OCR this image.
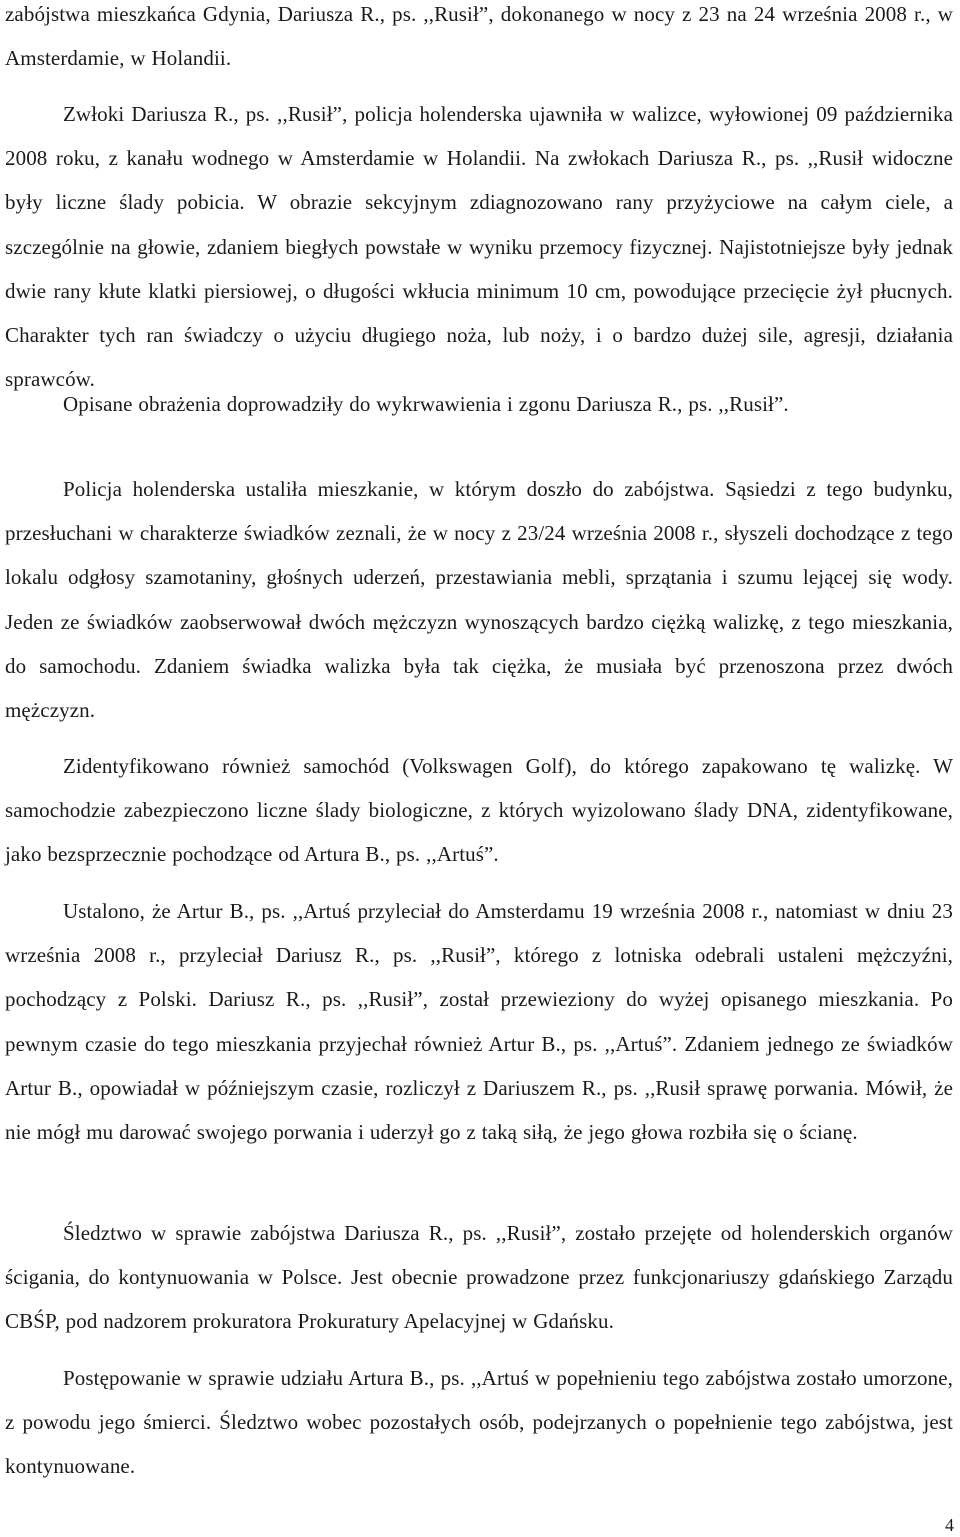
zabójstwa mieszkańca Gdynia, Dariusza R., ps. ,,Rusił”, dokonanego w nocy z 23 na 24 września 2008 r., w Amsterdamie, w Holandii.

Zwłoki Dariusza R., ps. ,,Rusił”, policja holenderska ujawniła w walizce, wyłowionej 09 października 2008 roku, z kanału wodnego w Amsterdamie w Holandii. Na zwłokach Dariusza R., ps. ,,Rusił widoczne były liczne ślady pobicia. W obrazie sekcyjnym zdiagnozowano rany przyżyciowe na całym ciele, a szczególnie na głowie, zdaniem biegłych powstałe w wyniku przemocy fizycznej. Najistotniejsze były jednak dwie rany kłute klatki piersiowej, o długości wkłucia minimum 10 cm, powodujące przecięcie żył płucnych. Charakter tych ran świadczy o użyciu długiego noża, lub noży, i o bardzo dużej sile, agresji, działania sprawców.

Opisane obrażenia doprowadziły do wykrwawienia i zgonu Dariusza R., ps. ,,Rusił”.

Policja holenderska ustaliła mieszkanie, w którym doszło do zabójstwa. Sąsiedzi z tego budynku, przesłuchani w charakterze świadków zeznali, że w nocy z 23/24 września 2008 r., słyszeli dochodzące z tego lokalu odgłosy szamotaniny, głośnych uderzeń, przestawiania mebli, sprzątania i szumu lejącej się wody. Jeden ze świadków zaobserwował dwóch mężczyzn wynoszących bardzo ciężką walizkę, z tego mieszkania, do samochodu. Zdaniem świadka walizka była tak ciężka, że musiała być przenoszona przez dwóch mężczyzn.

Zidentyfikowano również samochód (Volkswagen Golf), do którego zapakowano tę walizkę. W samochodzie zabezpieczono liczne ślady biologiczne, z których wyizolowano ślady DNA, zidentyfikowane, jako bezsprzecznie pochodzące od Artura B., ps. ,,Artuś”.

Ustalono, że Artur B., ps. ,,Artuś przyleciał do Amsterdamu 19 września 2008 r., natomiast w dniu 23 września 2008 r., przyleciał Dariusz R., ps. ,,Rusił”, którego z lotniska odebrali ustaleni mężczyźni, pochodzący z Polski. Dariusz R., ps. ,,Rusił”, został przewieziony do wyżej opisanego mieszkania. Po pewnym czasie do tego mieszkania przyjechał również Artur B., ps. ,,Artuś”. Zdaniem jednego ze świadków Artur B., opowiadał w późniejszym czasie, rozliczył z Dariuszem R., ps. ,,Rusił sprawę porwania. Mówił, że nie mógł mu darować swojego porwania i uderzył go z taką siłą, że jego głowa rozbiła się o ścianę.

Śledztwo w sprawie zabójstwa Dariusza R., ps. ,,Rusił”, zostało przejęte od holenderskich organów ścigania, do kontynuowania w Polsce. Jest obecnie prowadzone przez funkcjonariuszy gdańskiego Zarządu CBŚP, pod nadzorem prokuratora Prokuratury Apelacyjnej w Gdańsku.

Postępowanie w sprawie udziału Artura B., ps. ,,Artuś w popełnieniu tego zabójstwa zostało umorzone, z powodu jego śmierci. Śledztwo wobec pozostałych osób, podejrzanych o popełnienie tego zabójstwa, jest kontynuowane.

4
